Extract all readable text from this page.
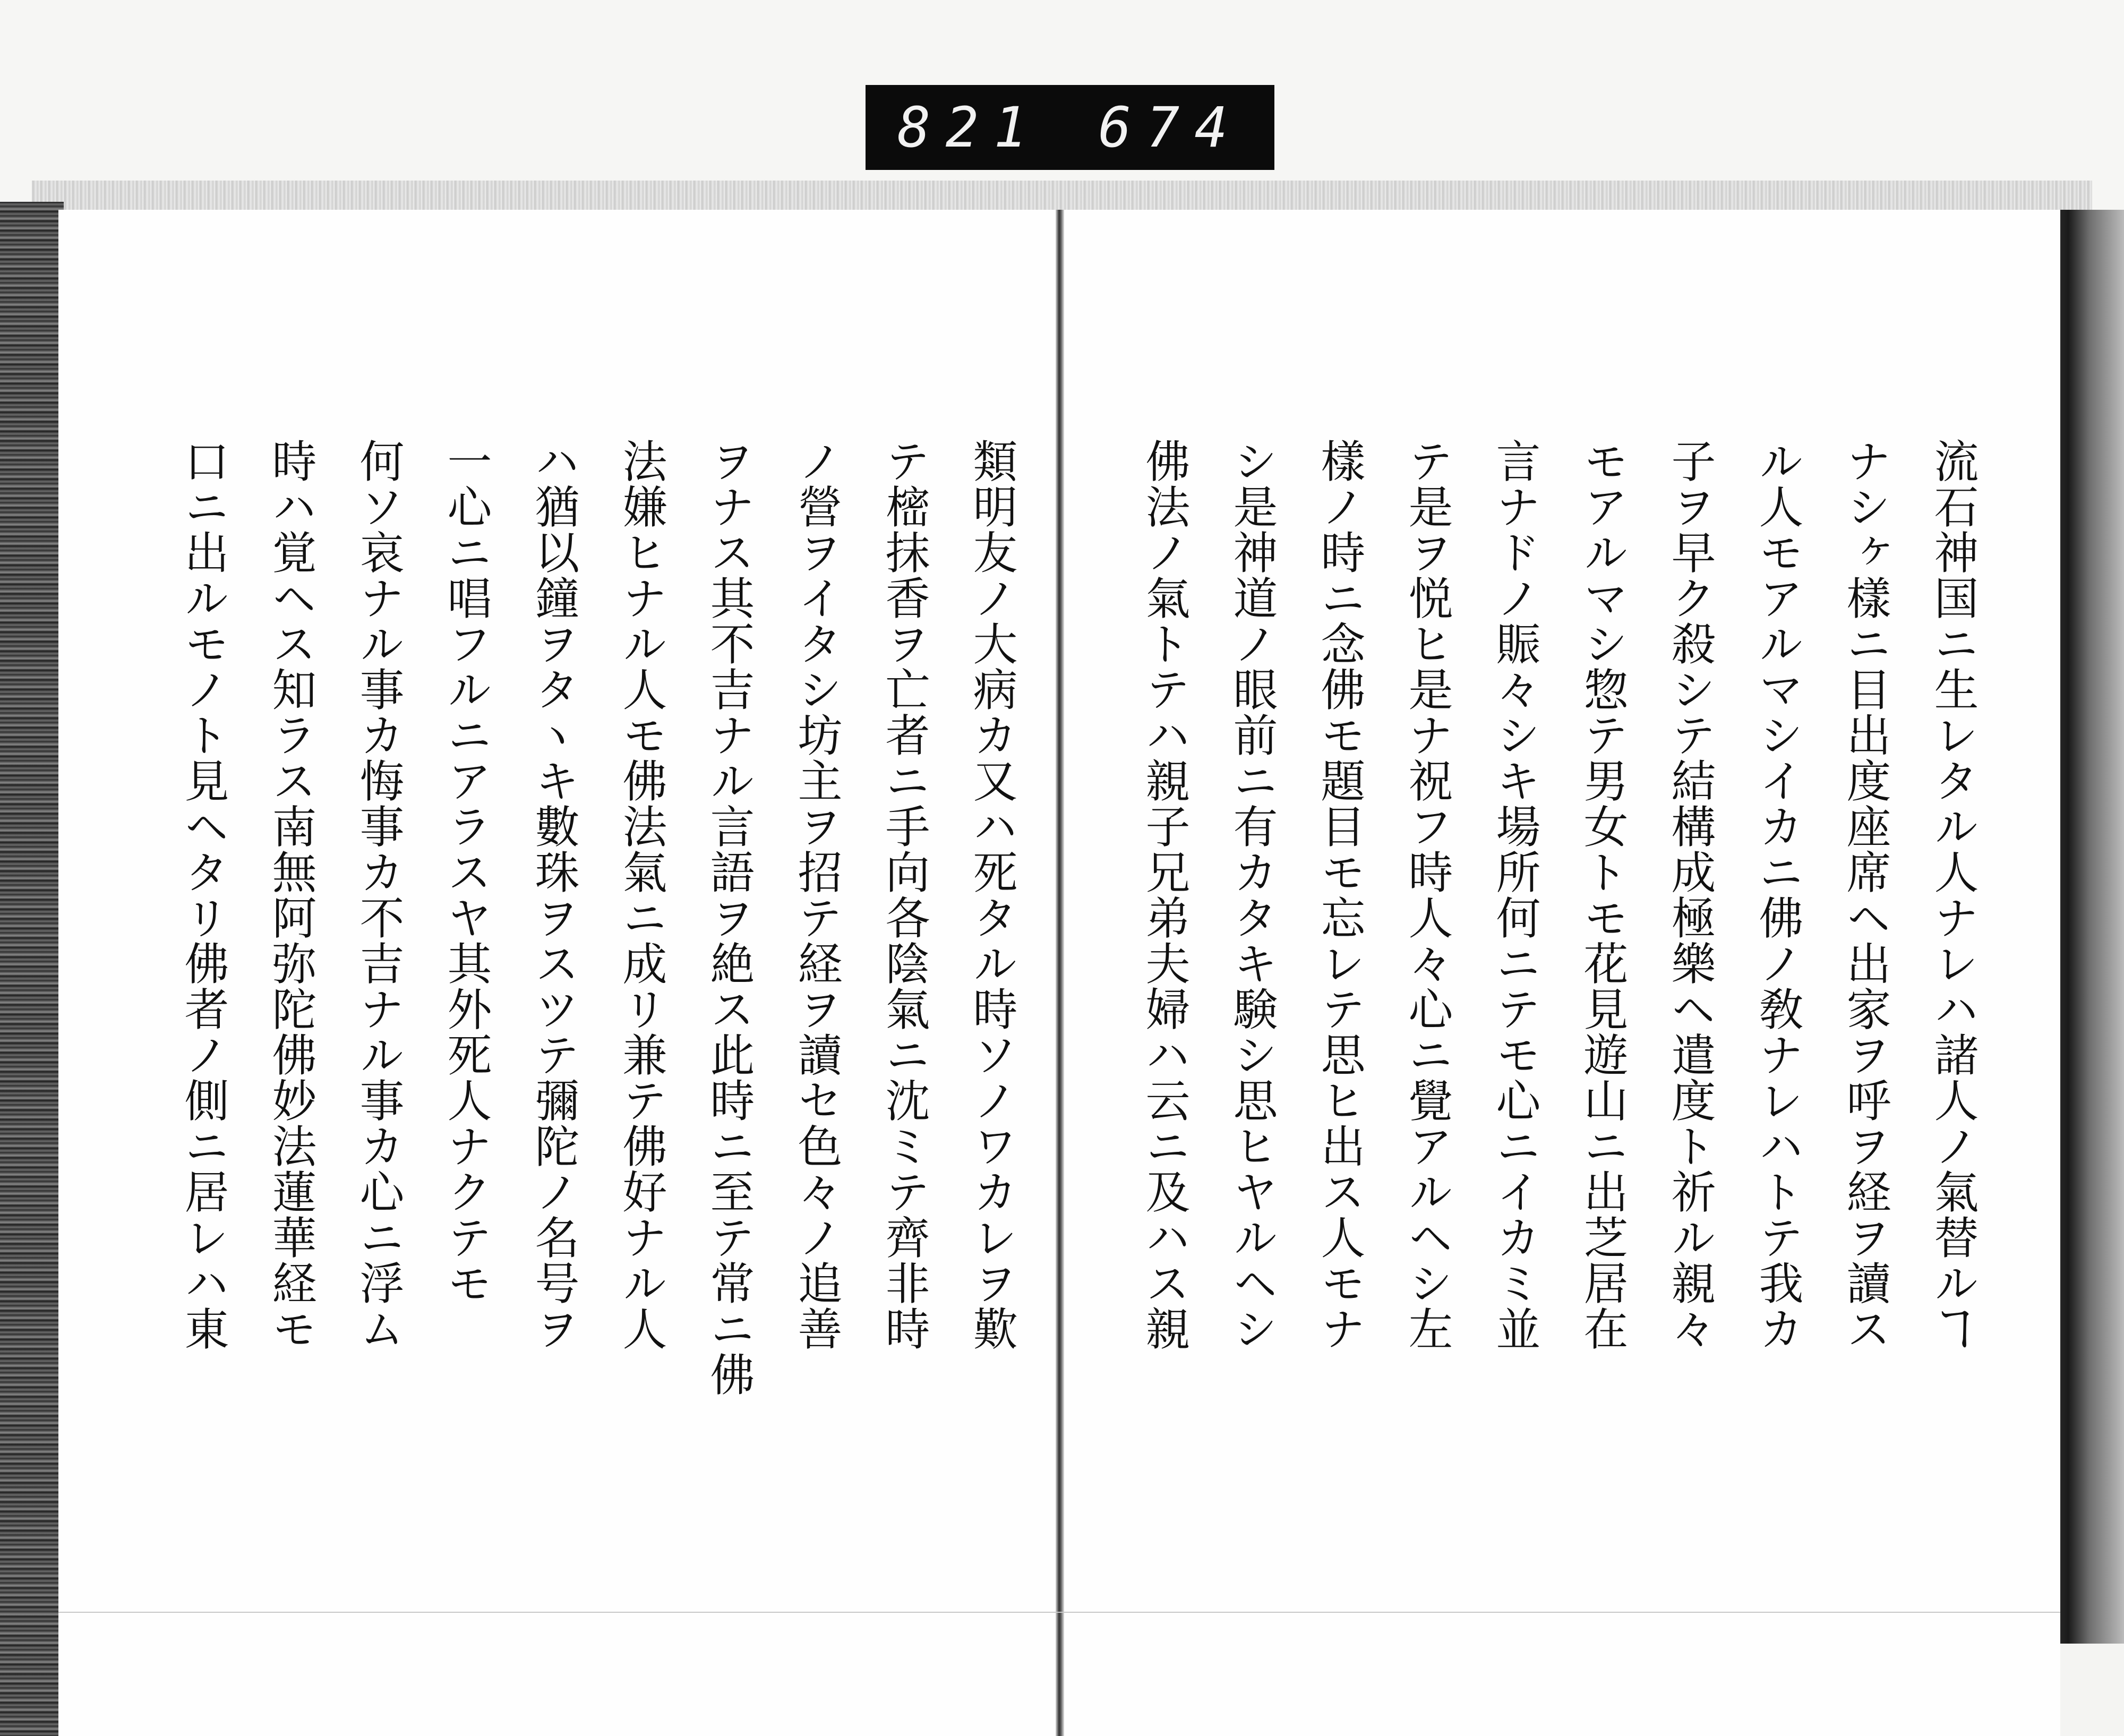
821 674
類明友ノ大病カ又ハ死タル時ソノワカレヲ歎
テ樒抹香ヲ亡者ニ手向各陰氣ニ沈ミテ齊非時
ノ營ヲイタシ坊主ヲ招テ経ヲ讀セ色々ノ追善
ヲナス其不吉ナル言語ヲ絶ス此時ニ至テ常ニ佛
法嫌ヒナル人モ佛法氣ニ成リ兼テ佛好ナル人
ハ猶以鐘ヲタヽキ數珠ヲスツテ彌陀ノ名号ヲ
一心ニ唱フルニアラスヤ其外死人ナクテモ
何ソ哀ナル事カ悔事カ不吉ナル事カ心ニ浮ム
時ハ覚ヘス知ラス南無阿弥陀佛妙法蓮華経モ
口ニ出ルモノト見ヘタリ佛者ノ側ニ居レハ東	流石神国ニ生レタル人ナレハ諸人ノ氣替ルヿ
ナシヶ樣ニ目出度座席ヘ出家ヲ呼ヲ経ヲ讀ス
ル人モアルマシイカニ佛ノ敎ナレハトテ我カ
子ヲ早ク殺シテ結構成極樂ヘ遣度ト祈ル親々
モアルマシ惣テ男女トモ花見遊山ニ出芝居在
言ナドノ賑々シキ場所何ニテモ心ニイカミ並
テ是ヲ悦ヒ是ナ祝フ時人々心ニ覺アルヘシ左
樣ノ時ニ念佛モ題目モ忘レテ思ヒ出ス人モナ
シ是神道ノ眼前ニ有カタキ験シ思ヒヤルヘシ
佛法ノ氣トテハ親子兄弟夫婦ハ云ニ及ハス親
